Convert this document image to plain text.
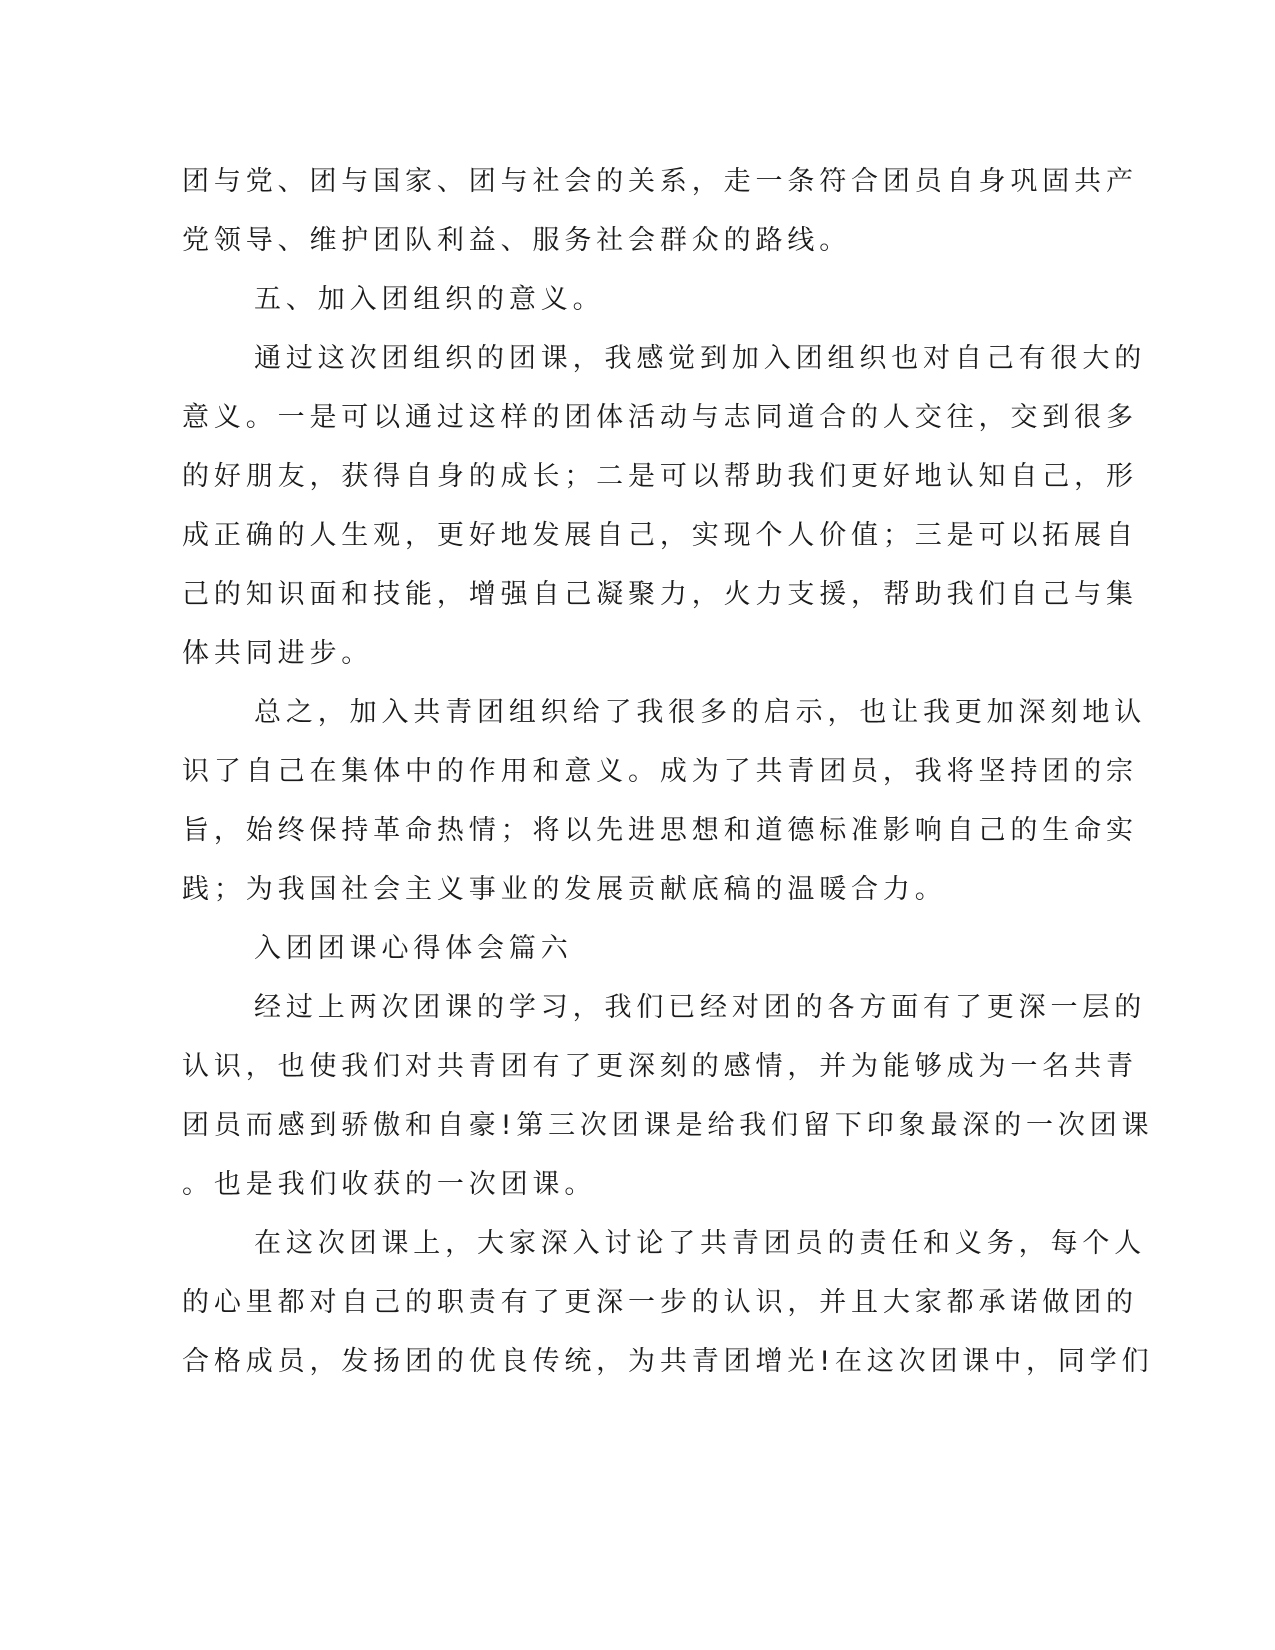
团与党、团与国家、团与社会的关系，走一条符合团员自身巩固共产
党领导、维护团队利益、服务社会群众的路线。
五、加入团组织的意义。
通过这次团组织的团课，我感觉到加入团组织也对自己有很大的
意义。一是可以通过这样的团体活动与志同道合的人交往，交到很多
的好朋友，获得自身的成长；二是可以帮助我们更好地认知自己，形
成正确的人生观，更好地发展自己，实现个人价值；三是可以拓展自
己的知识面和技能，增强自己凝聚力，火力支援，帮助我们自己与集
体共同进步。
总之，加入共青团组织给了我很多的启示，也让我更加深刻地认
识了自己在集体中的作用和意义。成为了共青团员，我将坚持团的宗
旨，始终保持革命热情；将以先进思想和道德标准影响自己的生命实
践；为我国社会主义事业的发展贡献底稿的温暖合力。
入团团课心得体会篇六
经过上两次团课的学习，我们已经对团的各方面有了更深一层的
认识，也使我们对共青团有了更深刻的感情，并为能够成为一名共青
团员而感到骄傲和自豪!第三次团课是给我们留下印象最深的一次团课
。也是我们收获的一次团课。
在这次团课上，大家深入讨论了共青团员的责任和义务，每个人
的心里都对自己的职责有了更深一步的认识，并且大家都承诺做团的
合格成员，发扬团的优良传统，为共青团增光!在这次团课中，同学们
